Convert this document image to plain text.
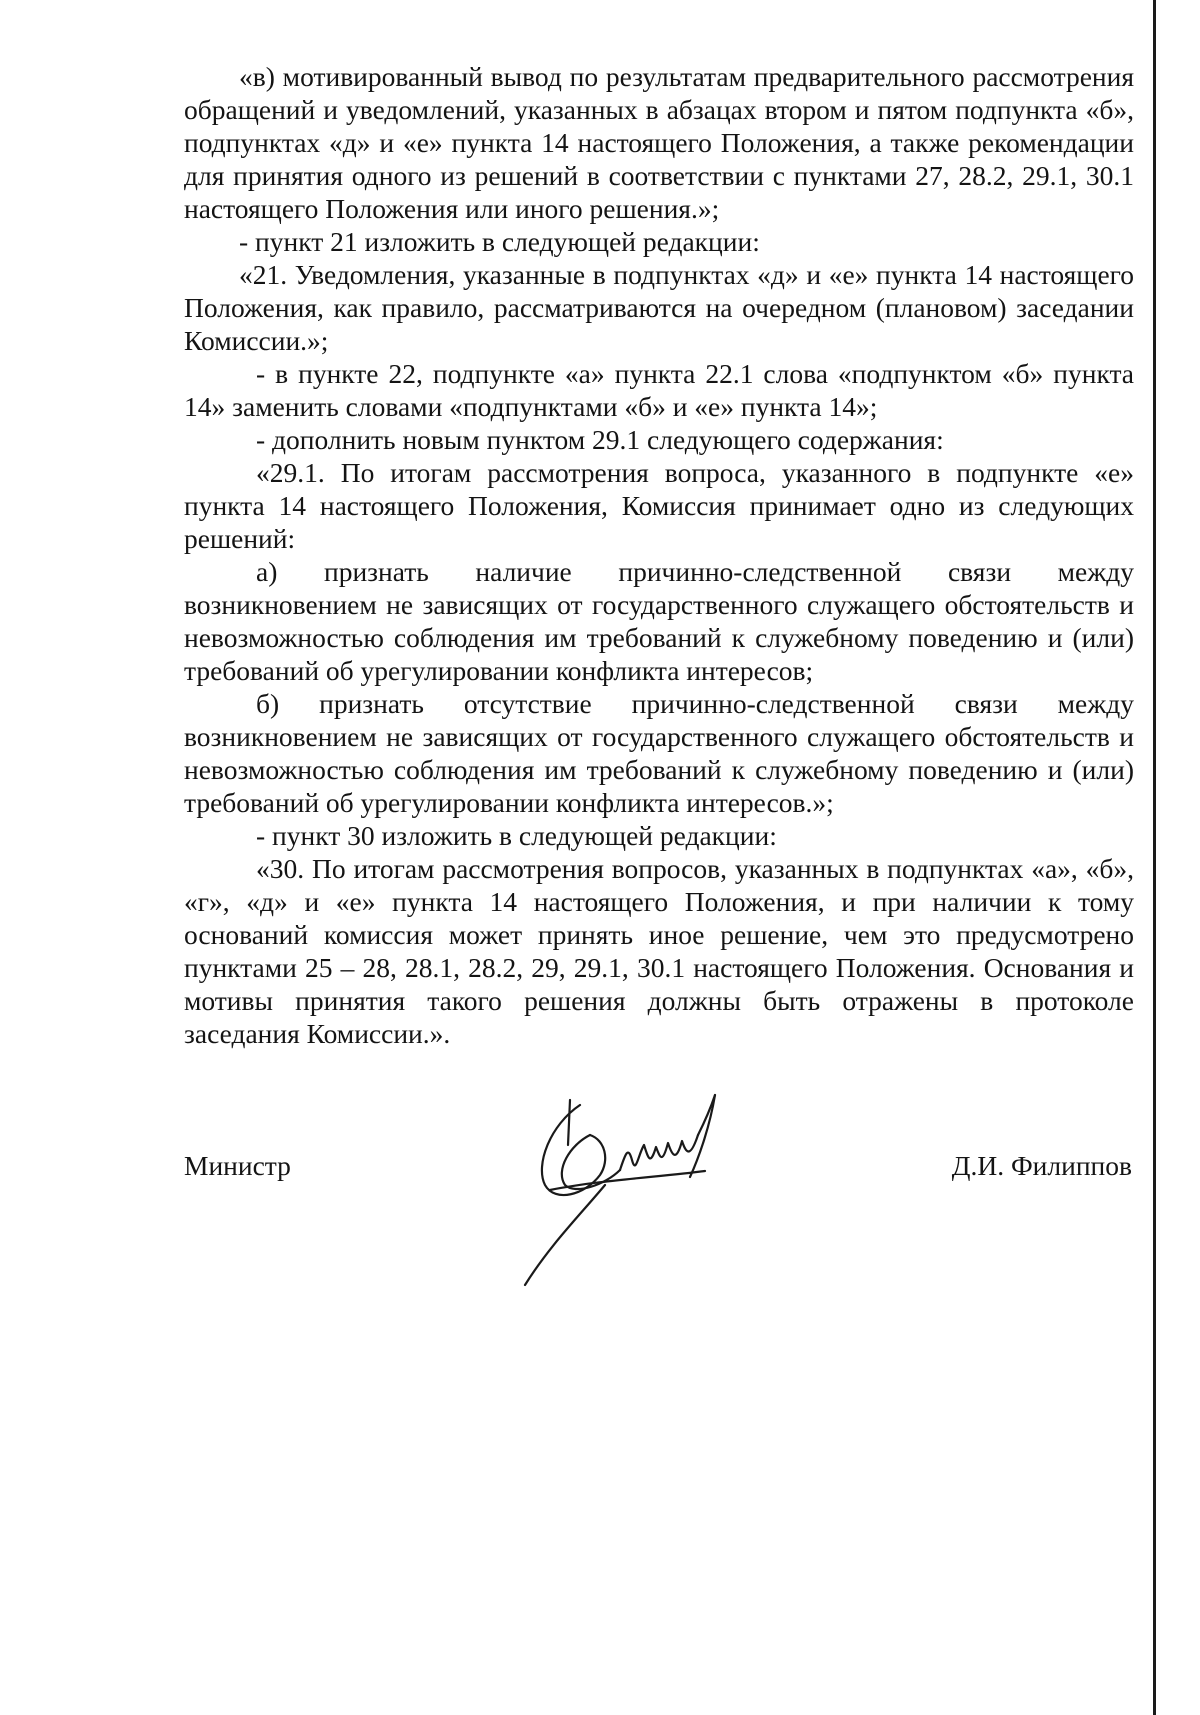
«в) мотивированный вывод по результатам предварительного рассмотрения обращений и уведомлений, указанных в абзацах втором и пятом подпункта «б», подпунктах «д» и «е» пункта 14 настоящего Положения, а также рекомендации для принятия одного из решений в соответствии с пунктами 27, 28.2, 29.1, 30.1 настоящего Положения или иного решения.»;

- пункт 21 изложить в следующей редакции:

«21. Уведомления, указанные в подпунктах «д» и «е» пункта 14 настоящего Положения, как правило, рассматриваются на очередном (плановом) заседании Комиссии.»;

- в пункте 22, подпункте «а» пункта 22.1 слова «подпунктом «б» пункта 14» заменить словами «подпунктами «б» и «е» пункта 14»;

- дополнить новым пунктом 29.1 следующего содержания:

«29.1. По итогам рассмотрения вопроса, указанного в подпункте «е» пункта 14 настоящего Положения, Комиссия принимает одно из следующих решений:

а) признать наличие причинно-следственной связи между возникновением не зависящих от государственного служащего обстоятельств и невозможностью соблюдения им требований к служебному поведению и (или) требований об урегулировании конфликта интересов;

б) признать отсутствие причинно-следственной связи между возникновением не зависящих от государственного служащего обстоятельств и невозможностью соблюдения им требований к служебному поведению и (или) требований об урегулировании конфликта интересов.»;

- пункт 30 изложить в следующей редакции:

«30. По итогам рассмотрения вопросов, указанных в подпунктах «а», «б», «г», «д» и «е» пункта 14 настоящего Положения, и при наличии к тому оснований комиссия может принять иное решение, чем это предусмотрено пунктами 25 – 28, 28.1, 28.2, 29, 29.1, 30.1 настоящего Положения. Основания и мотивы принятия такого решения должны быть отражены в протоколе заседания Комиссии.».

Министр	Д.И. Филиппов
